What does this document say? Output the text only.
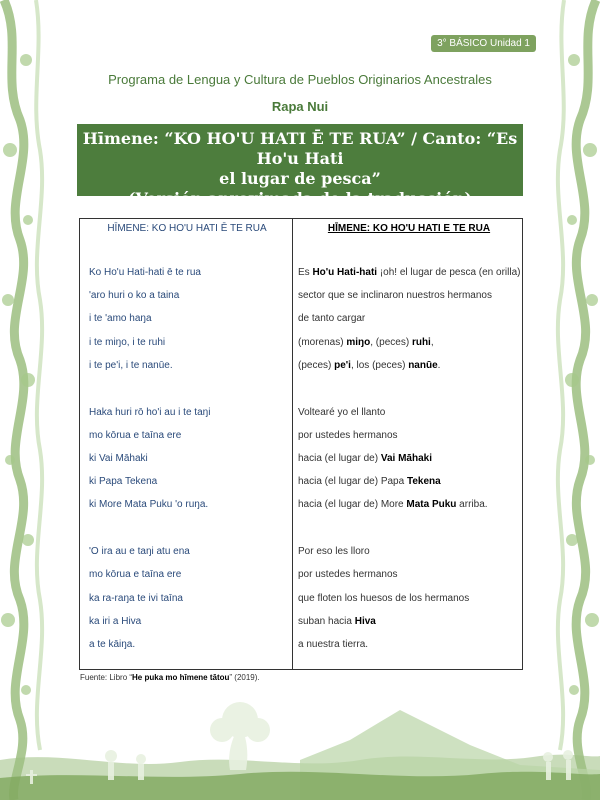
3° BÁSICO Unidad 1
Programa de Lengua y Cultura de Pueblos Originarios Ancestrales
Rapa Nui
Hīmene: “KO HO'U HATI Ē TE RUA” / Canto: “Es Ho'u Hati
el lugar de pesca”
(Versión aproximada de la traducción)
HĪMENE: KO HO'U HATI Ē TE RUA
Ko Ho'u Hati-hati ē te rua
'aro huri o ko a taina
i te 'amo haŋa
i te miŋo, i te ruhi
i te pe'i, i te nanūe.
Haka huri rō ho'i au i te taŋi
mo kōrua e taīna ere
ki Vai Māhaki
ki Papa Tekena
ki More Mata Puku 'o ruŋa.
'O ira au e taŋi atu ena
mo kōrua e taīna ere
ka ra-raŋa te ivi taīna
ka iri a Hiva
a te kāiŋa.
HĪMENE: KO HO'U HATI E TE RUA
Es Ho'u Hati-hati ¡oh! el lugar de pesca (en orilla)
sector que se inclinaron nuestros hermanos
de tanto cargar
(morenas) miŋo, (peces) ruhi,
(peces) pe'i, los (peces) nanūe.
Voltearé yo el llanto
por ustedes hermanos
hacia (el lugar de) Vai Māhaki
hacia (el lugar de) Papa Tekena
hacia (el lugar de) More Mata Puku arriba.
Por eso les lloro
por ustedes hermanos
que floten los huesos de los hermanos
suban hacia Hiva
a nuestra tierra.
Fuente: Libro “He puka mo hīmene tātou” (2019).
